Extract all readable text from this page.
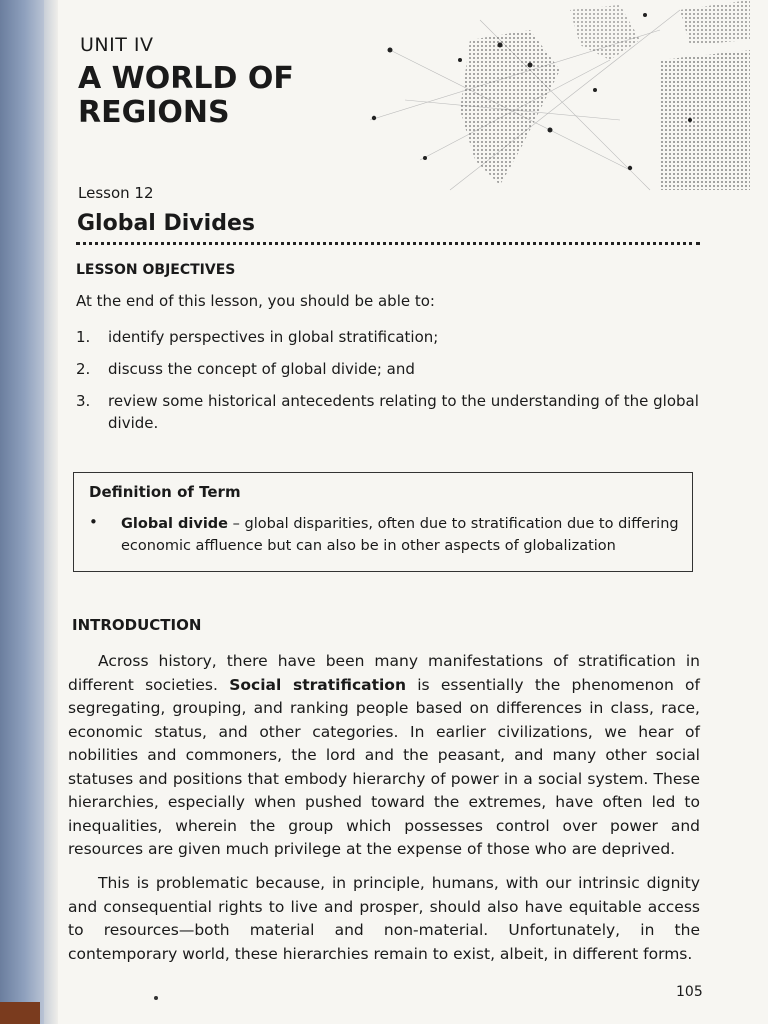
UNIT IV
A WORLD OF
REGIONS
Lesson 12
Global Divides
LESSON OBJECTIVES
At the end of this lesson, you should be able to:
1. identify perspectives in global stratification;
2. discuss the concept of global divide; and
3. review some historical antecedents relating to the understanding of the global divide.
Definition of Term
• Global divide – global disparities, often due to stratification due to differing economic affluence but can also be in other aspects of globalization
INTRODUCTION

Across history, there have been many manifestations of stratification in different societies. Social stratification is essentially the phenomenon of segregating, grouping, and ranking people based on differences in class, race, economic status, and other categories. In earlier civilizations, we hear of nobilities and commoners, the lord and the peasant, and many other social statuses and positions that embody hierarchy of power in a social system. These hierarchies, especially when pushed toward the extremes, have often led to inequalities, wherein the group which possesses control over power and resources are given much privilege at the expense of those who are deprived.

This is problematic because, in principle, humans, with our intrinsic dignity and consequential rights to live and prosper, should also have equitable access to resources—both material and non-material. Unfortunately, in the contemporary world, these hierarchies remain to exist, albeit, in different forms.

105
